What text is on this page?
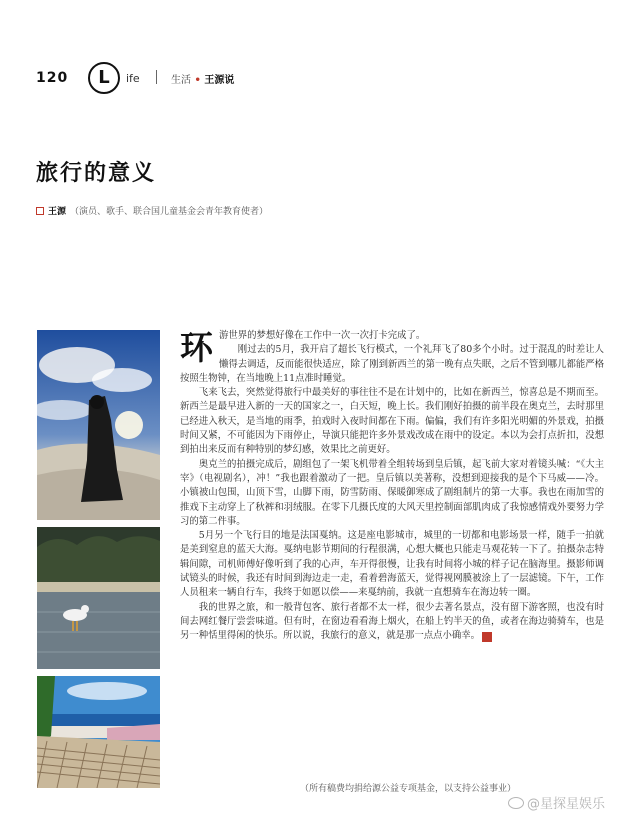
120	L	ife	生活 • 王源说
旅行的意义
王源 （演员、歌手、联合国儿童基金会青年教育使者）

环游世界的梦想好像在工作中一次一次打卡完成了。

刚过去的5月，我开启了超长飞行模式，一个礼拜飞了80多个小时。过于混乱的时差让人懒得去调适，反而能很快适应，除了刚到新西兰的第一晚有点失眠，之后不管到哪儿都能严格按照生物钟，在当地晚上11点准时睡觉。

飞来飞去，突然觉得旅行中最美好的事往往不是在计划中的，比如在新西兰，惊喜总是不期而至。新西兰是最早进入新的一天的国家之一，白天短，晚上长。我们刚好拍摄的前半段在奥克兰，去时那里已经进入秋天，是当地的雨季，拍戏时入夜时间都在下雨。偏偏，我们有许多阳光明媚的外景戏，拍摄时间又紧，不可能因为下雨停止，导演只能把许多外景戏改成在雨中的设定。本以为会打点折扣，没想到拍出来反而有种特别的梦幻感，效果比之前更好。

奥克兰的拍摄完成后，剧组包了一架飞机带着全组转场到皇后镇，起飞前大家对着镜头喊：“《大主宰》（电视剧名），冲！”我也跟着激动了一把。皇后镇以美著称，没想到迎接我的是个下马威——冷。小镇被山包围，山顶下雪，山脚下雨，防雪防雨、保暖御寒成了剧组制片的第一大事。我也在雨加雪的推戏下主动穿上了秋裤和羽绒服。在零下几摄氏度的大风天里控制面部肌肉成了我惊感情戏外要努力学习的第二件事。

5月另一个飞行目的地是法国戛纳。这是座电影城市，城里的一切都和电影场景一样，随手一拍就是美到窒息的蓝天大海。戛纳电影节期间的行程很满，心想大概也只能走马观花转一下了。拍摄杂志特辑间隙，司机师傅好像听到了我的心声，车开得很慢，让我有时间将小城的样子记在脑海里。摄影师调试镜头的时候，我还有时间到海边走一走，看着碧海蓝天，觉得视网膜被涂上了一层滤镜。下午，工作人员租来一辆自行车，我终于如愿以偿——来戛纳前，我就一直想骑车在海边转一圈。

我的世界之旅，和一般背包客、旅行者都不太一样，很少去著名景点，没有留下游客照，也没有时间去网红餐厅尝尝味道。但有时，在窗边看看海上烟火，在船上钓半天的鱼，或者在海边骑骑车，也是另一种恬里得闲的快乐。所以说，我旅行的意义，就是那一点点小确幸。	G

（所有稿费均捐给源公益专项基金，以支持公益事业）
@星探星娱乐
